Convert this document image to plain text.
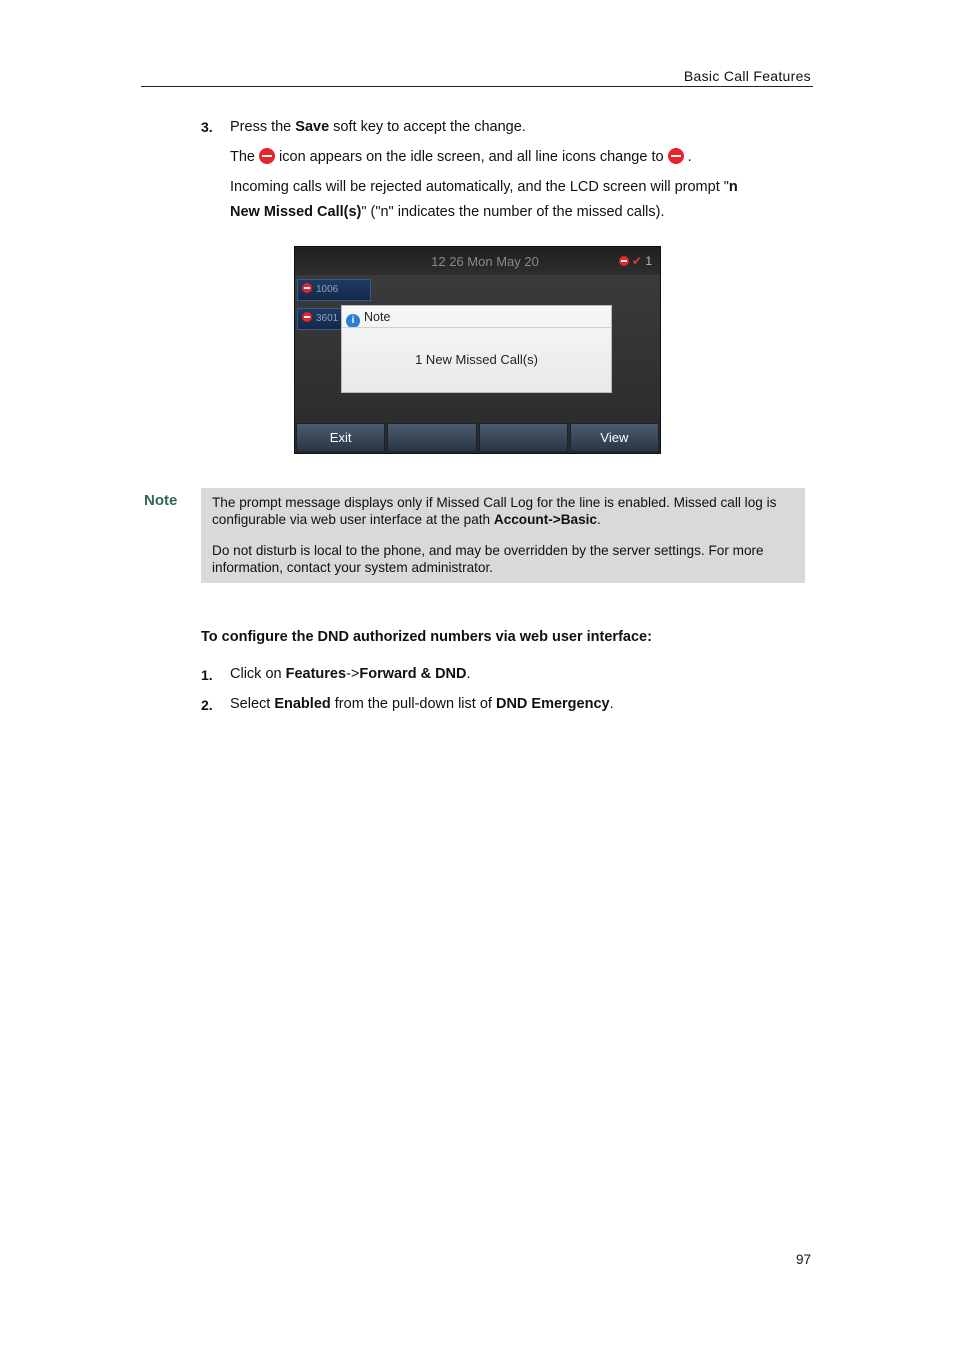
Basic Call Features
3. Press the Save soft key to accept the change.
The  icon appears on the idle screen, and all line icons change to  .
Incoming calls will be rejected automatically, and the LCD screen will prompt "n
New Missed Call(s)" ("n" indicates the number of the missed calls).
12 26 Mon May 20	✔ 1
1006
3601	i Note
1 New Missed Call(s)
Exit	View
Note	The prompt message displays only if Missed Call Log for the line is enabled. Missed call log is configurable via web user interface at the path Account->Basic.

Do not disturb is local to the phone, and may be overridden by the server settings. For more information, contact your system administrator.

To configure the DND authorized numbers via web user interface:
1. Click on Features->Forward & DND.
2. Select Enabled from the pull-down list of DND Emergency.
97
